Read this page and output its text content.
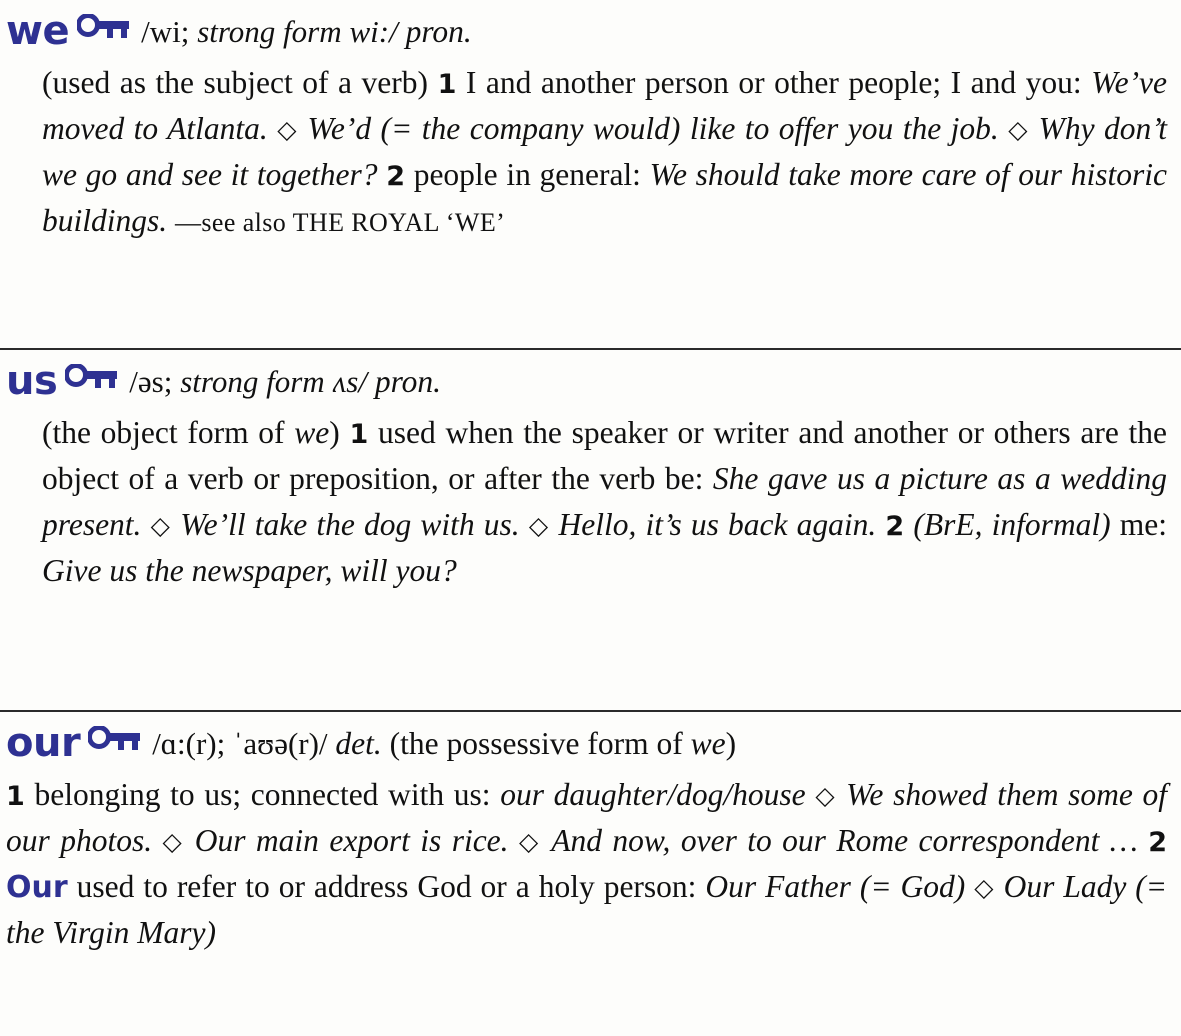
we /wi; strong form wi:/ pron.
(used as the subject of a verb) 1 I and another person or other people; I and you: We’ve moved to Atlanta. ◇ We’d (= the company would) like to offer you the job. ◇ Why don’t we go and see it together? 2 people in general: We should take more care of our historic buildings. —see also THE ROYAL ‘WE’
us /əs; strong form ʌs/ pron.
(the object form of we) 1 used when the speaker or writer and another or others are the object of a verb or preposition, or after the verb be: She gave us a picture as a wedding present. ◇ We’ll take the dog with us. ◇ Hello, it’s us back again. 2 (BrE, informal) me: Give us the newspaper, will you?
our /ɑ:(r); ˈaʊə(r)/ det. (the possessive form of we)
1 belonging to us; connected with us: our daughter/dog/house ◇ We showed them some of our photos. ◇ Our main export is rice. ◇ And now, over to our Rome correspondent … 2 Our used to refer to or address God or a holy person: Our Father (= God) ◇ Our Lady (= the Virgin Mary)
